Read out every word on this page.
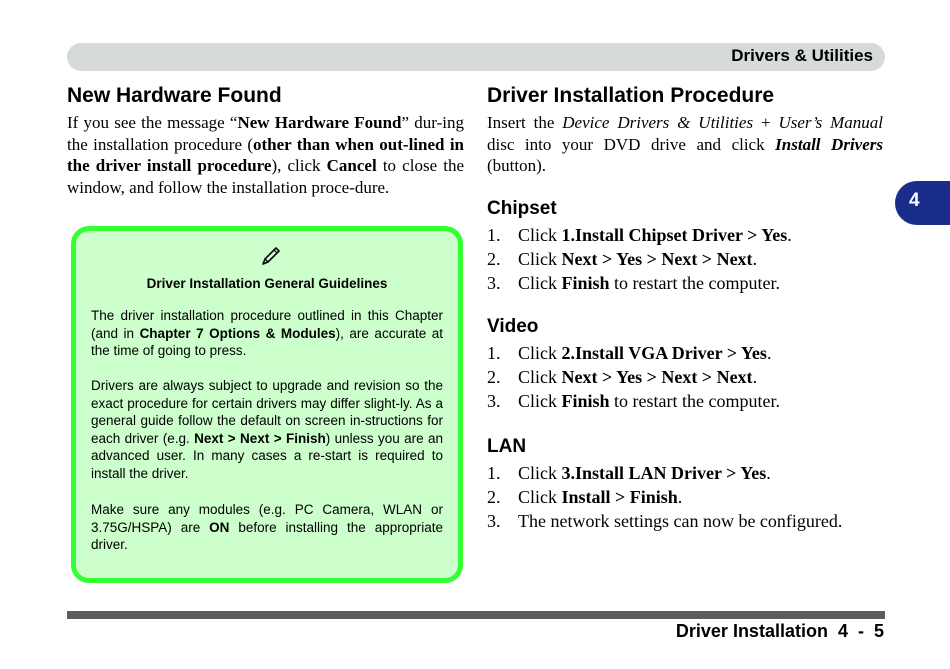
Drivers & Utilities
4
New Hardware Found

If you see the message “New Hardware Found” dur-ing the installation procedure (other than when out-lined in the driver install procedure), click Cancel to close the window, and follow the installation proce-dure.

Driver Installation General Guidelines

The driver installation procedure outlined in this Chapter (and in Chapter 7 Options & Modules), are accurate at the time of going to press.

Drivers are always subject to upgrade and revision so the exact procedure for certain drivers may differ slight-ly. As a general guide follow the default on screen in-structions for each driver (e.g. Next > Next > Finish) unless you are an advanced user. In many cases a re-start is required to install the driver.

Make sure any modules (e.g. PC Camera, WLAN or 3.75G/HSPA) are ON before installing the appropriate driver.

Driver Installation Procedure

Insert the Device Drivers & Utilities + User’s Manual disc into your DVD drive and click Install Drivers (button).

Chipset
1. Click 1.Install Chipset Driver > Yes.
2. Click Next > Yes > Next > Next.
3. Click Finish to restart the computer.
Video
1. Click 2.Install VGA Driver > Yes.
2. Click Next > Yes > Next > Next.
3. Click Finish to restart the computer.
LAN
1. Click 3.Install LAN Driver > Yes.
2. Click Install > Finish.
3. The network settings can now be configured.
Driver Installation 4  -  5
